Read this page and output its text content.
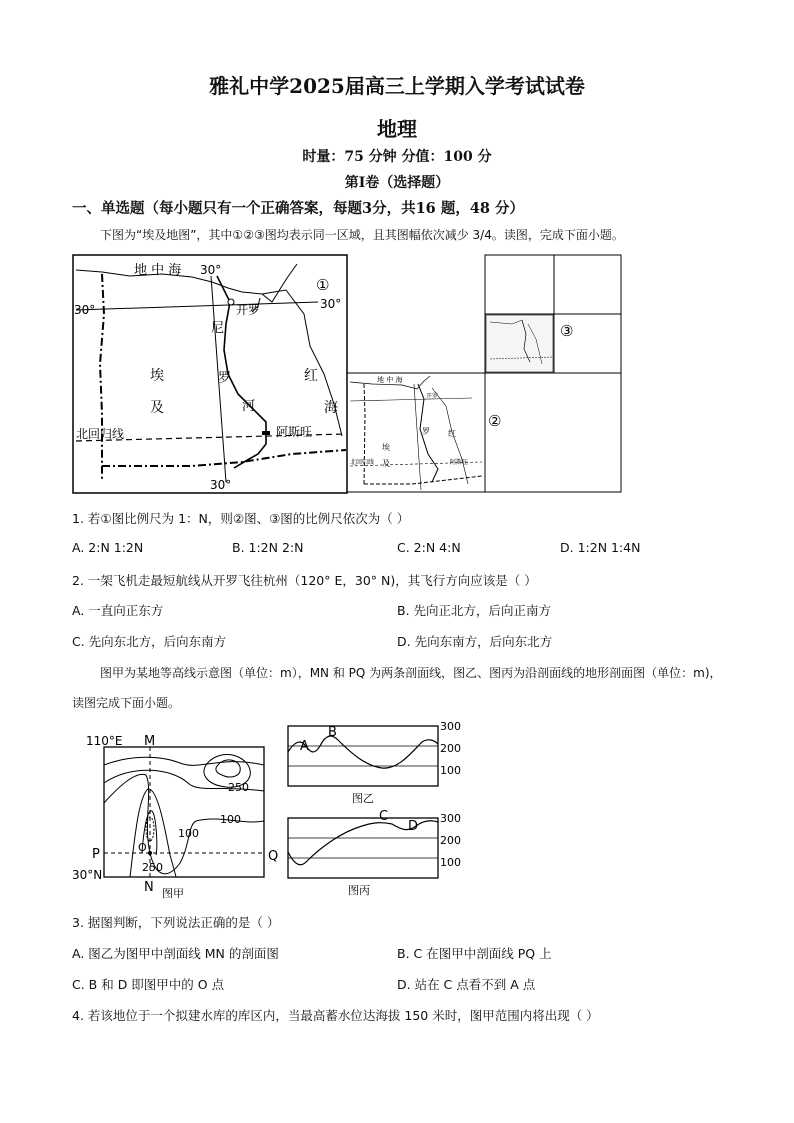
雅礼中学2025届高三上学期入学考试试卷
地理
时量：75 分钟 分值：100 分
第Ⅰ卷（选择题）
一、单选题（每小题只有一个正确答案，每题3分，共16 题，48 分）
下图为“埃及地图”，其中①②③图均表示同一区域，且其图幅依次减少 3/4。读图，完成下面小题。
地 中 海 30°
30°	30°
30°
开罗
尼
罗
河
埃
及
红
海
阿斯旺
北回归线
①
地 中 海
埃
及
罗 红
北回归线	阿斯旺
开罗
②
③
1. 若①图比例尺为 1：N，则②图、③图的比例尺依次为（ ）
A. 2:N 1:2N	B. 1:2N 2:N	C. 2:N 4:N	D. 1:2N 1:4N
2. 一架飞机走最短航线从开罗飞往杭州（120° E，30° N)，其飞行方向应该是（ ）
A. 一直向正东方	B. 先向正北方，后向正南方
C. 先向东北方，后向东南方	D. 先向东南方，后向东北方
图甲为某地等高线示意图（单位：m），MN 和 PQ 为两条剖面线，图乙、图丙为沿剖面线的地形剖面图（单位：m)，读图完成下面小题。
110°E M
N
P	Q
O
250
100
100
250
30°N
图甲
A
B	300
200
100
图乙
C
D
300
200
100
图丙
3. 据图判断，下列说法正确的是（ ）
A. 图乙为图甲中剖面线 MN 的剖面图	B. C 在图甲中剖面线 PQ 上
C. B 和 D 即图甲中的 O 点	D. 站在 C 点看不到 A 点
4. 若该地位于一个拟建水库的库区内，当最高蓄水位达海拔 150 米时，图甲范围内将出现（ ）
